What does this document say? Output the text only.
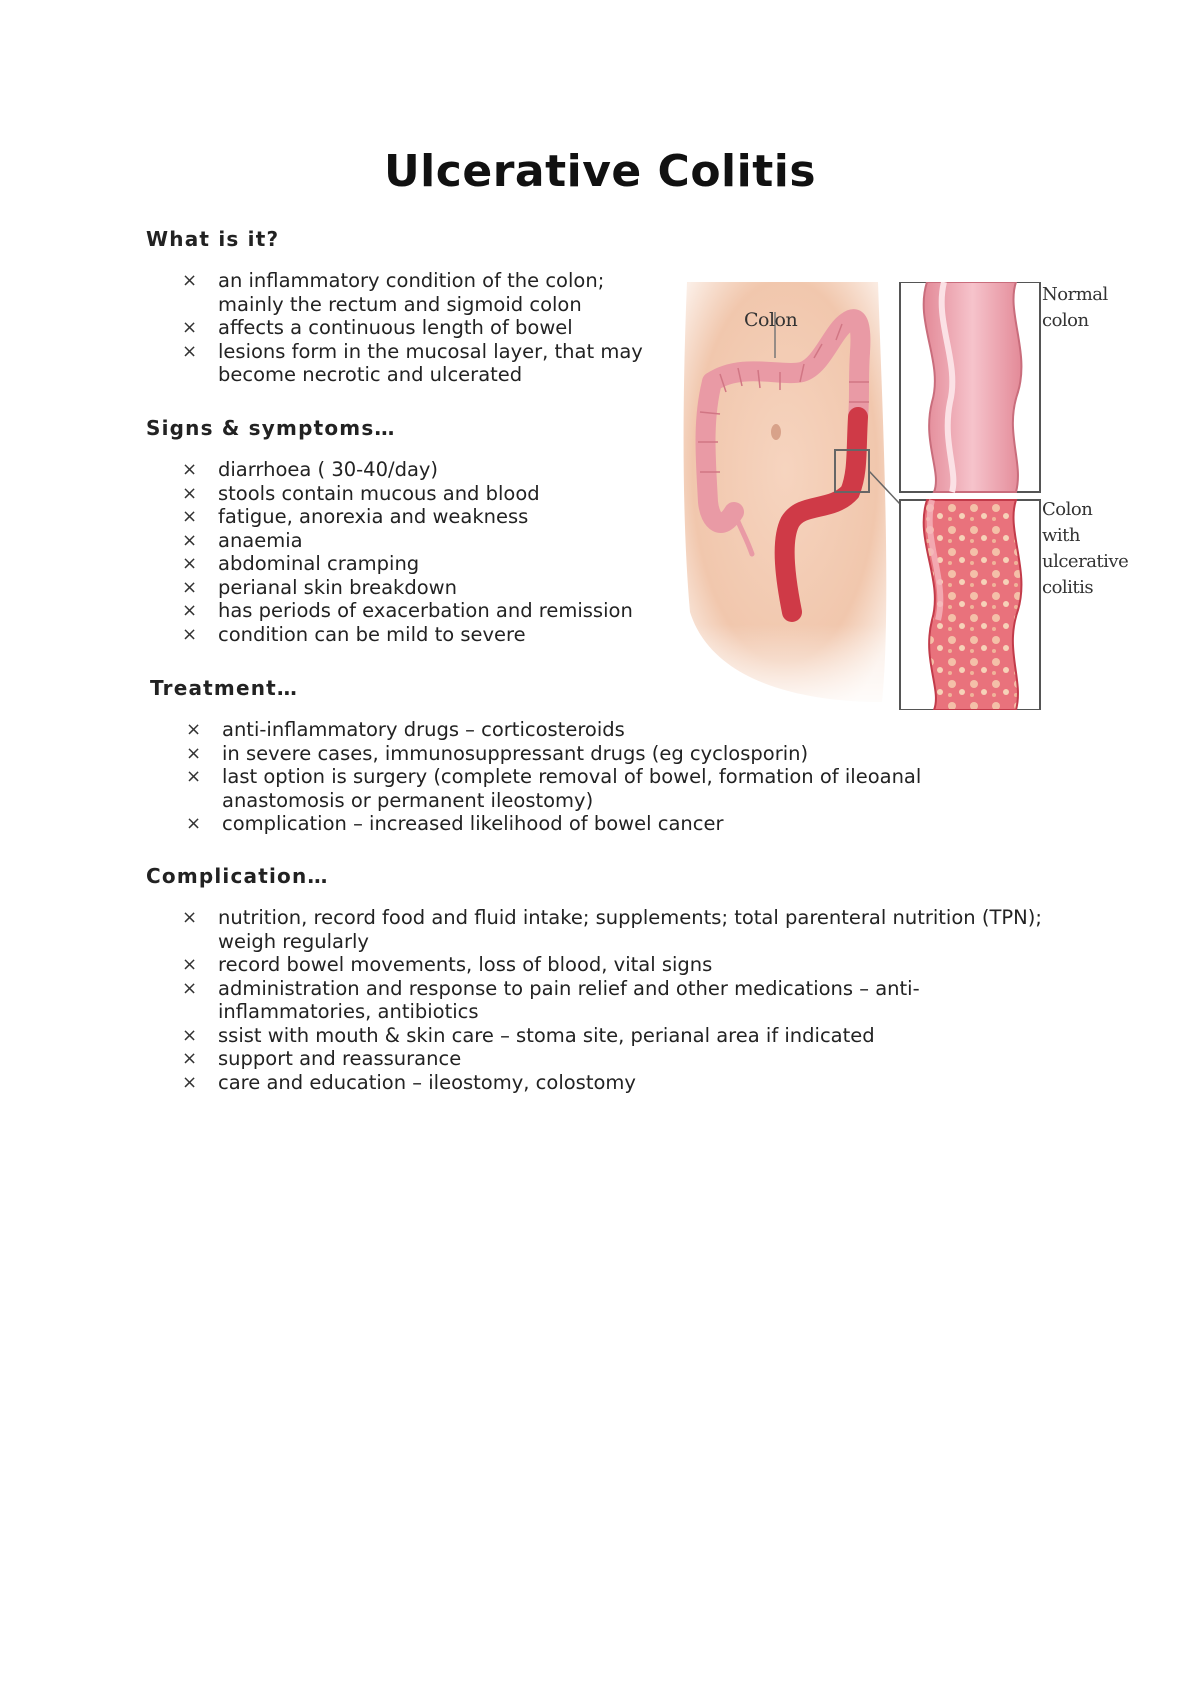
Ulcerative Colitis
What is it?
× an inflammatory condition of the colon; mainly the rectum and sigmoid colon
× affects a continuous length of bowel
× lesions form in the mucosal layer, that may become necrotic and ulcerated
Signs & symptoms…
× diarrhoea ( 30-40/day)
× stools contain mucous and blood
× fatigue, anorexia and weakness
× anaemia
× abdominal cramping
× perianal skin breakdown
× has periods of exacerbation and remission
× condition can be mild to severe
Treatment…
× anti-inflammatory drugs – corticosteroids
× in severe cases, immunosuppressant drugs (eg cyclosporin)
× last option is surgery (complete removal of bowel, formation of ileoanal anastomosis or permanent ileostomy)
× complication – increased likelihood of bowel cancer
Complication…
× nutrition, record food and fluid intake; supplements; total parenteral nutrition (TPN); weigh regularly
× record bowel movements, loss of blood, vital signs
× administration and response to pain relief and other medications – anti-inflammatories, antibiotics
× ssist with mouth & skin care – stoma site, perianal area if indicated
× support and reassurance
× care and education – ileostomy, colostomy
Colon
Normal colon
Colon with ulcerative colitis
